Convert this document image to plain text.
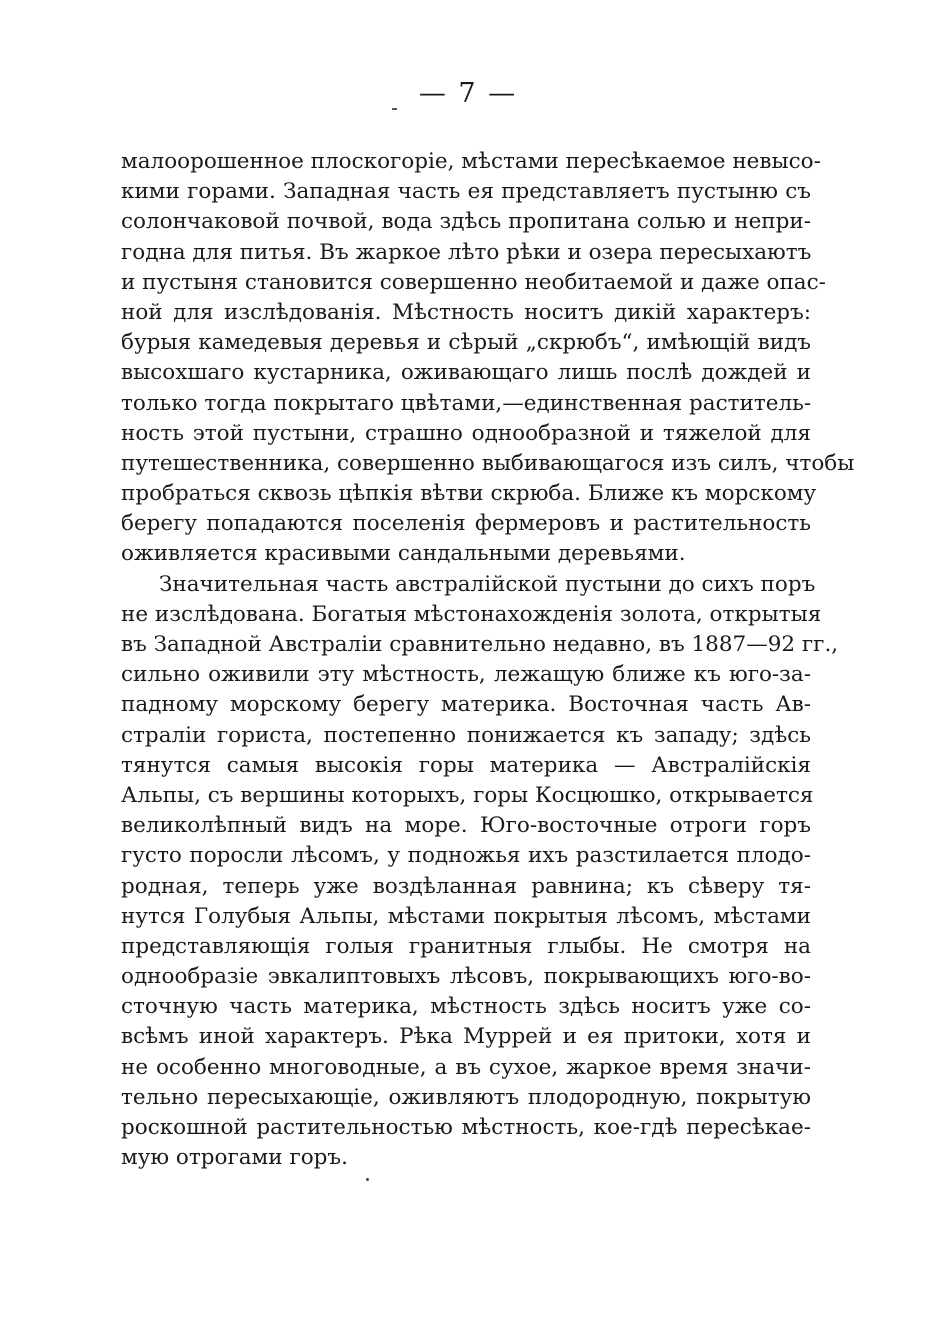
— 7 —
малоорошенное плоскогоріе, мѣстами пересѣкаемое невысо-
кими горами. Западная часть ея представляетъ пустыню съ
солончаковой почвой, вода здѣсь пропитана солью и непри-
годна для питья. Въ жаркое лѣто рѣки и озера пересыхаютъ
и пустыня становится совершенно необитаемой и даже опас-
ной для изслѣдованія. Мѣстность носитъ дикій характеръ:
бурыя камедевыя деревья и сѣрый „скрюбъ“, имѣющій видъ
высохшаго кустарника, оживающаго лишь послѣ дождей и
только тогда покрытаго цвѣтами,—единственная раститель-
ность этой пустыни, страшно однообразной и тяжелой для
путешественника, совершенно выбивающагося изъ силъ, чтобы
пробраться сквозь цѣпкія вѣтви скрюба. Ближе къ морскому
берегу попадаются поселенія фермеровъ и растительность
оживляется красивыми сандальными деревьями.
Значительная часть австралійской пустыни до сихъ поръ
не изслѣдована. Богатыя мѣстонахожденія золота, открытыя
въ Западной Австраліи сравнительно недавно, въ 1887—92 гг.,
сильно оживили эту мѣстность, лежащую ближе къ юго-за-
падному морскому берегу материка. Восточная часть Ав-
страліи гориста, постепенно понижается къ западу; здѣсь
тянутся самыя высокія горы материка — Австралійскія
Альпы, съ вершины которыхъ, горы Косцюшко, открывается
великолѣпный видъ на море. Юго-восточные отроги горъ
густо поросли лѣсомъ, у подножья ихъ разстилается плодо-
родная, теперь уже воздѣланная равнина; къ сѣверу тя-
нутся Голубыя Альпы, мѣстами покрытыя лѣсомъ, мѣстами
представляющія голыя гранитныя глыбы. Не смотря на
однообразіе эвкалиптовыхъ лѣсовъ, покрывающихъ юго-во-
сточную часть материка, мѣстность здѣсь носитъ уже со-
всѣмъ иной характеръ. Рѣка Муррей и ея притоки, хотя и
не особенно многоводные, а въ сухое, жаркое время значи-
тельно пересыхающіе, оживляютъ плодородную, покрытую
роскошной растительностью мѣстность, кое-гдѣ пересѣкае-
мую отрогами горъ.
